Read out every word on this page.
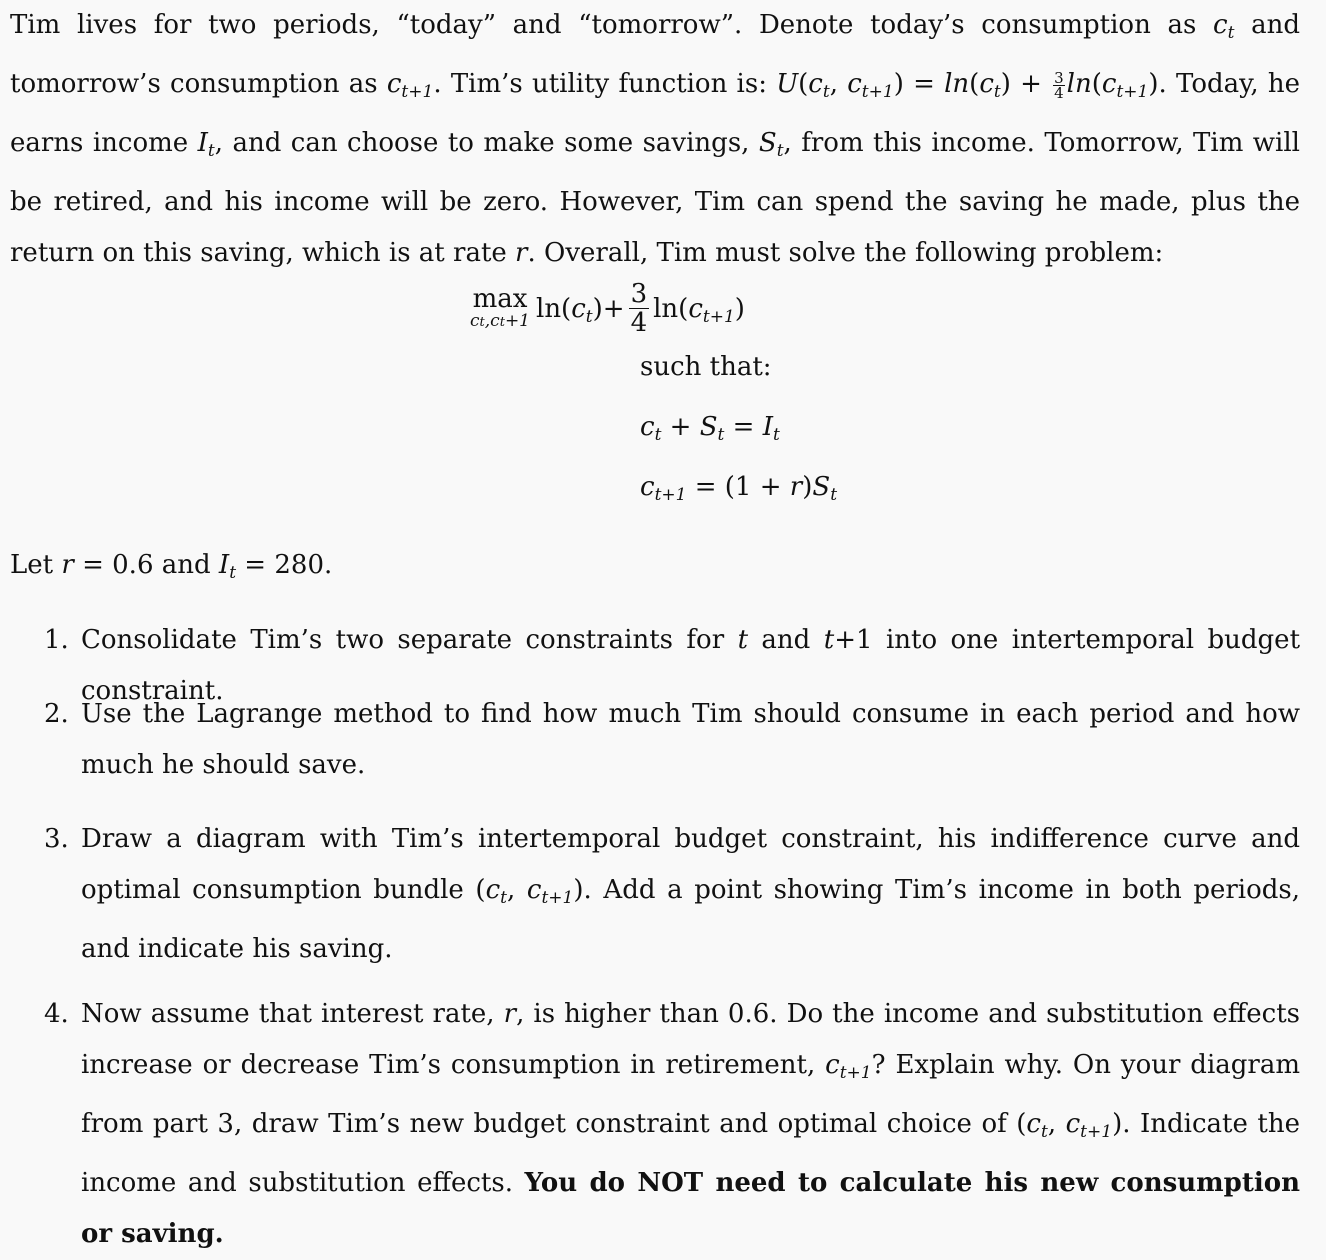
Tim lives for two periods, “today” and “tomorrow”. Denote today’s consumption as $c_t$ and tomorrow’s consumption as $c_{t+1}$. Tim’s utility function is: $U(c_t$, $c_{t+1}) = \ln(c_t) + \frac{3}{4} \ln(c_{t+1})$. Today, he earns income $I_t$, and can choose to make some savings, $S_t$, from this income. Tomorrow, Tim will be retired, and his income will be zero. However, Tim can spend the saving he made, plus the return on this saving, which is at rate r. Overall, Tim must solve the following problem:

max
ct,ct+1 $\ln(c_t)+ \frac{3}{4} \ln(c_{t+1})$
such that:
$c_t + S_t = I_t$
$c_{t+1} = (1 + r)S_t$
Let r = 0.6 and $I_t = 280$.
1. Consolidate Tim’s two separate constraints for t and t+1 into one intertemporal budget constraint.
2. Use the Lagrange method to find how much Tim should consume in each period and how much he should save.
3. Draw a diagram with Tim’s intertemporal budget constraint, his indifference curve and optimal consumption bundle ($c_t$, $c_{t+1}$). Add a point showing Tim’s income in both periods, and indicate his saving.
4. Now assume that interest rate, r, is higher than 0.6. Do the income and substitution effects increase or decrease Tim’s consumption in retirement, $c_{t+1}$? Explain why. On your diagram from part 3, draw Tim’s new budget constraint and optimal choice of ($c_t$, $c_{t+1}$). Indicate the income and substitution effects. You do NOT need to calculate his new consumption or saving.
